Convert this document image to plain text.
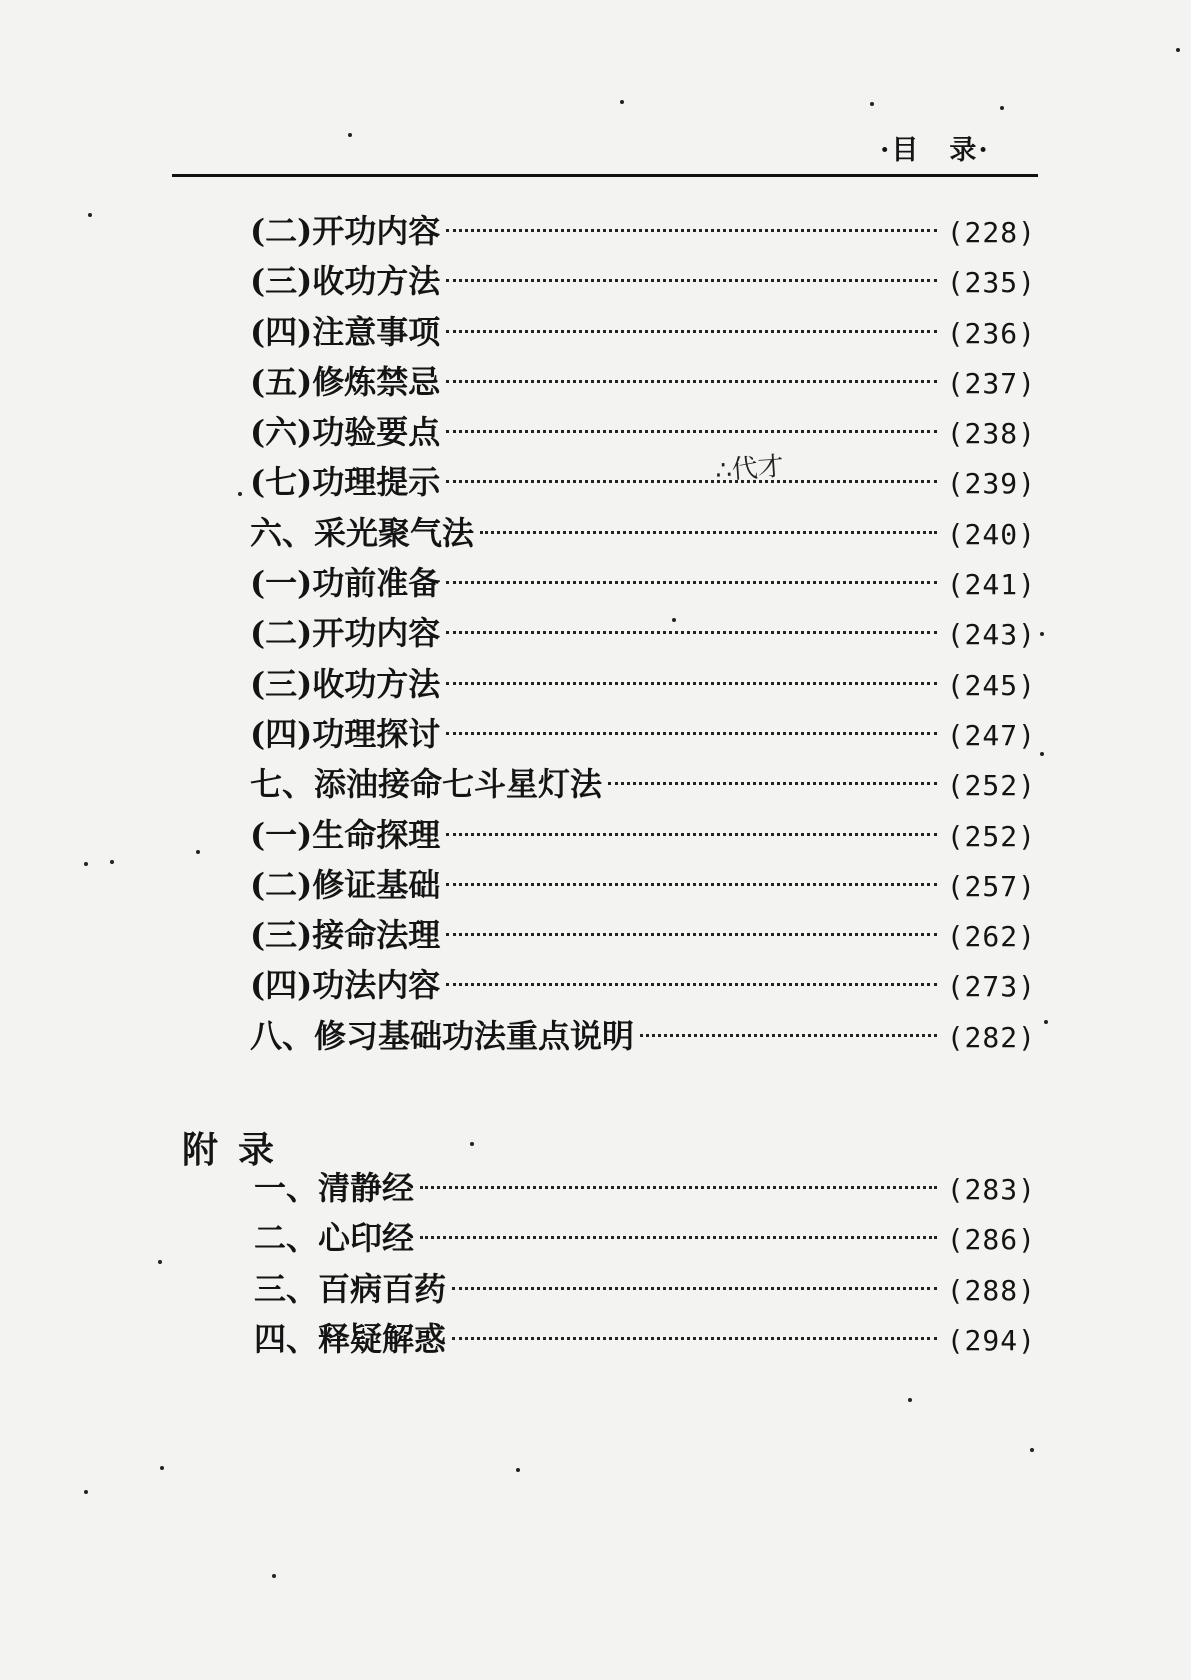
·目　录·
(二)开功内容	(228)
(三)收功方法	(235)
(四)注意事项	(236)
(五)修炼禁忌	(237)
(六)功验要点	(238)
(七)功理提示	(239)
六、采光聚气法	(240)
(一)功前准备	(241)
(二)开功内容	(243)
(三)收功方法	(245)
(四)功理探讨	(247)
七、添油接命七斗星灯法	(252)
(一)生命探理	(252)
(二)修证基础	(257)
(三)接命法理	(262)
(四)功法内容	(273)
八、修习基础功法重点说明	(282)
附录
一、清静经	(283)
二、心印经	(286)
三、百病百药	(288)
四、释疑解惑	(294)
∴代才
